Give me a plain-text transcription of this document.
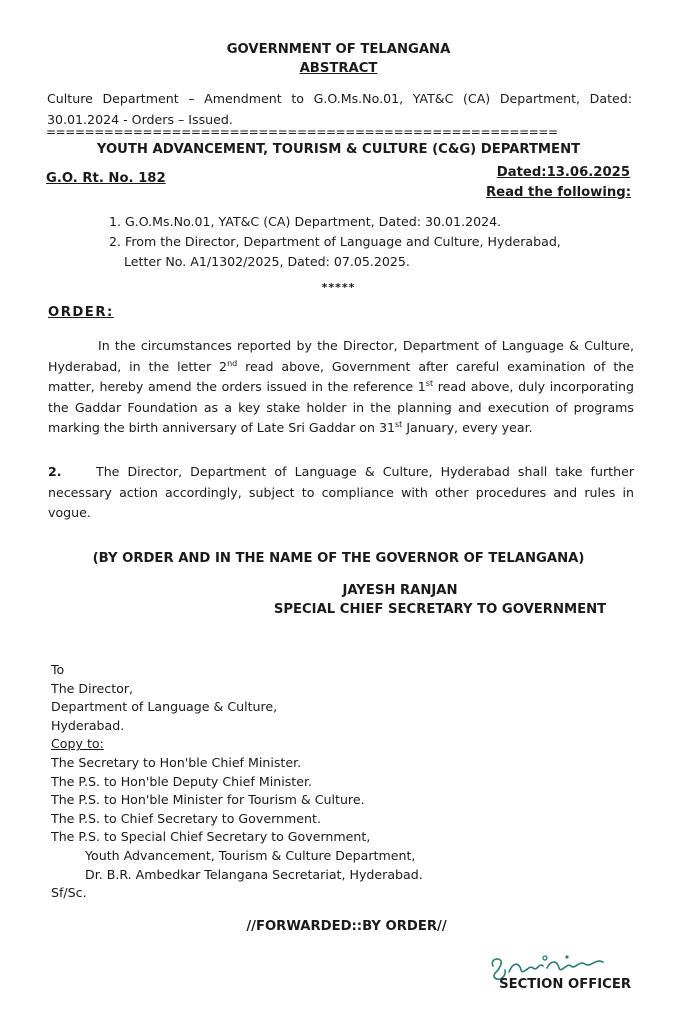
GOVERNMENT OF TELANGANA
ABSTRACT
Culture Department – Amendment to G.O.Ms.No.01, YAT&C (CA) Department, Dated: 30.01.2024 - Orders – Issued.
=====================================================
YOUTH ADVANCEMENT, TOURISM & CULTURE (C&G) DEPARTMENT
G.O. Rt. No. 182	Dated:13.06.2025
Read the following:
1. G.O.Ms.No.01, YAT&C (CA) Department, Dated: 30.01.2024.
2. From the Director, Department of Language and Culture, Hyderabad,
Letter No. A1/1302/2025, Dated: 07.05.2025.
*****
ORDER:
In the circumstances reported by the Director, Department of Language & Culture, Hyderabad, in the letter 2nd read above, Government after careful examination of the matter, hereby amend the orders issued in the reference 1st read above, duly incorporating the Gaddar Foundation as a key stake holder in the planning and execution of programs marking the birth anniversary of Late Sri Gaddar on 31st January, every year.
2.	The Director, Department of Language & Culture, Hyderabad shall take further necessary action accordingly, subject to compliance with other procedures and rules in vogue.
(BY ORDER AND IN THE NAME OF THE GOVERNOR OF TELANGANA)
JAYESH RANJAN
SPECIAL CHIEF SECRETARY TO GOVERNMENT
To
The Director,
Department of Language & Culture,
Hyderabad.
Copy to:
The Secretary to Hon'ble Chief Minister.
The P.S. to Hon'ble Deputy Chief Minister.
The P.S. to Hon'ble Minister for Tourism & Culture.
The P.S. to Chief Secretary to Government.
The P.S. to Special Chief Secretary to Government,
Youth Advancement, Tourism & Culture Department,
Dr. B.R. Ambedkar Telangana Secretariat, Hyderabad.
Sf/Sc.
//FORWARDED::BY ORDER//
SECTION OFFICER
